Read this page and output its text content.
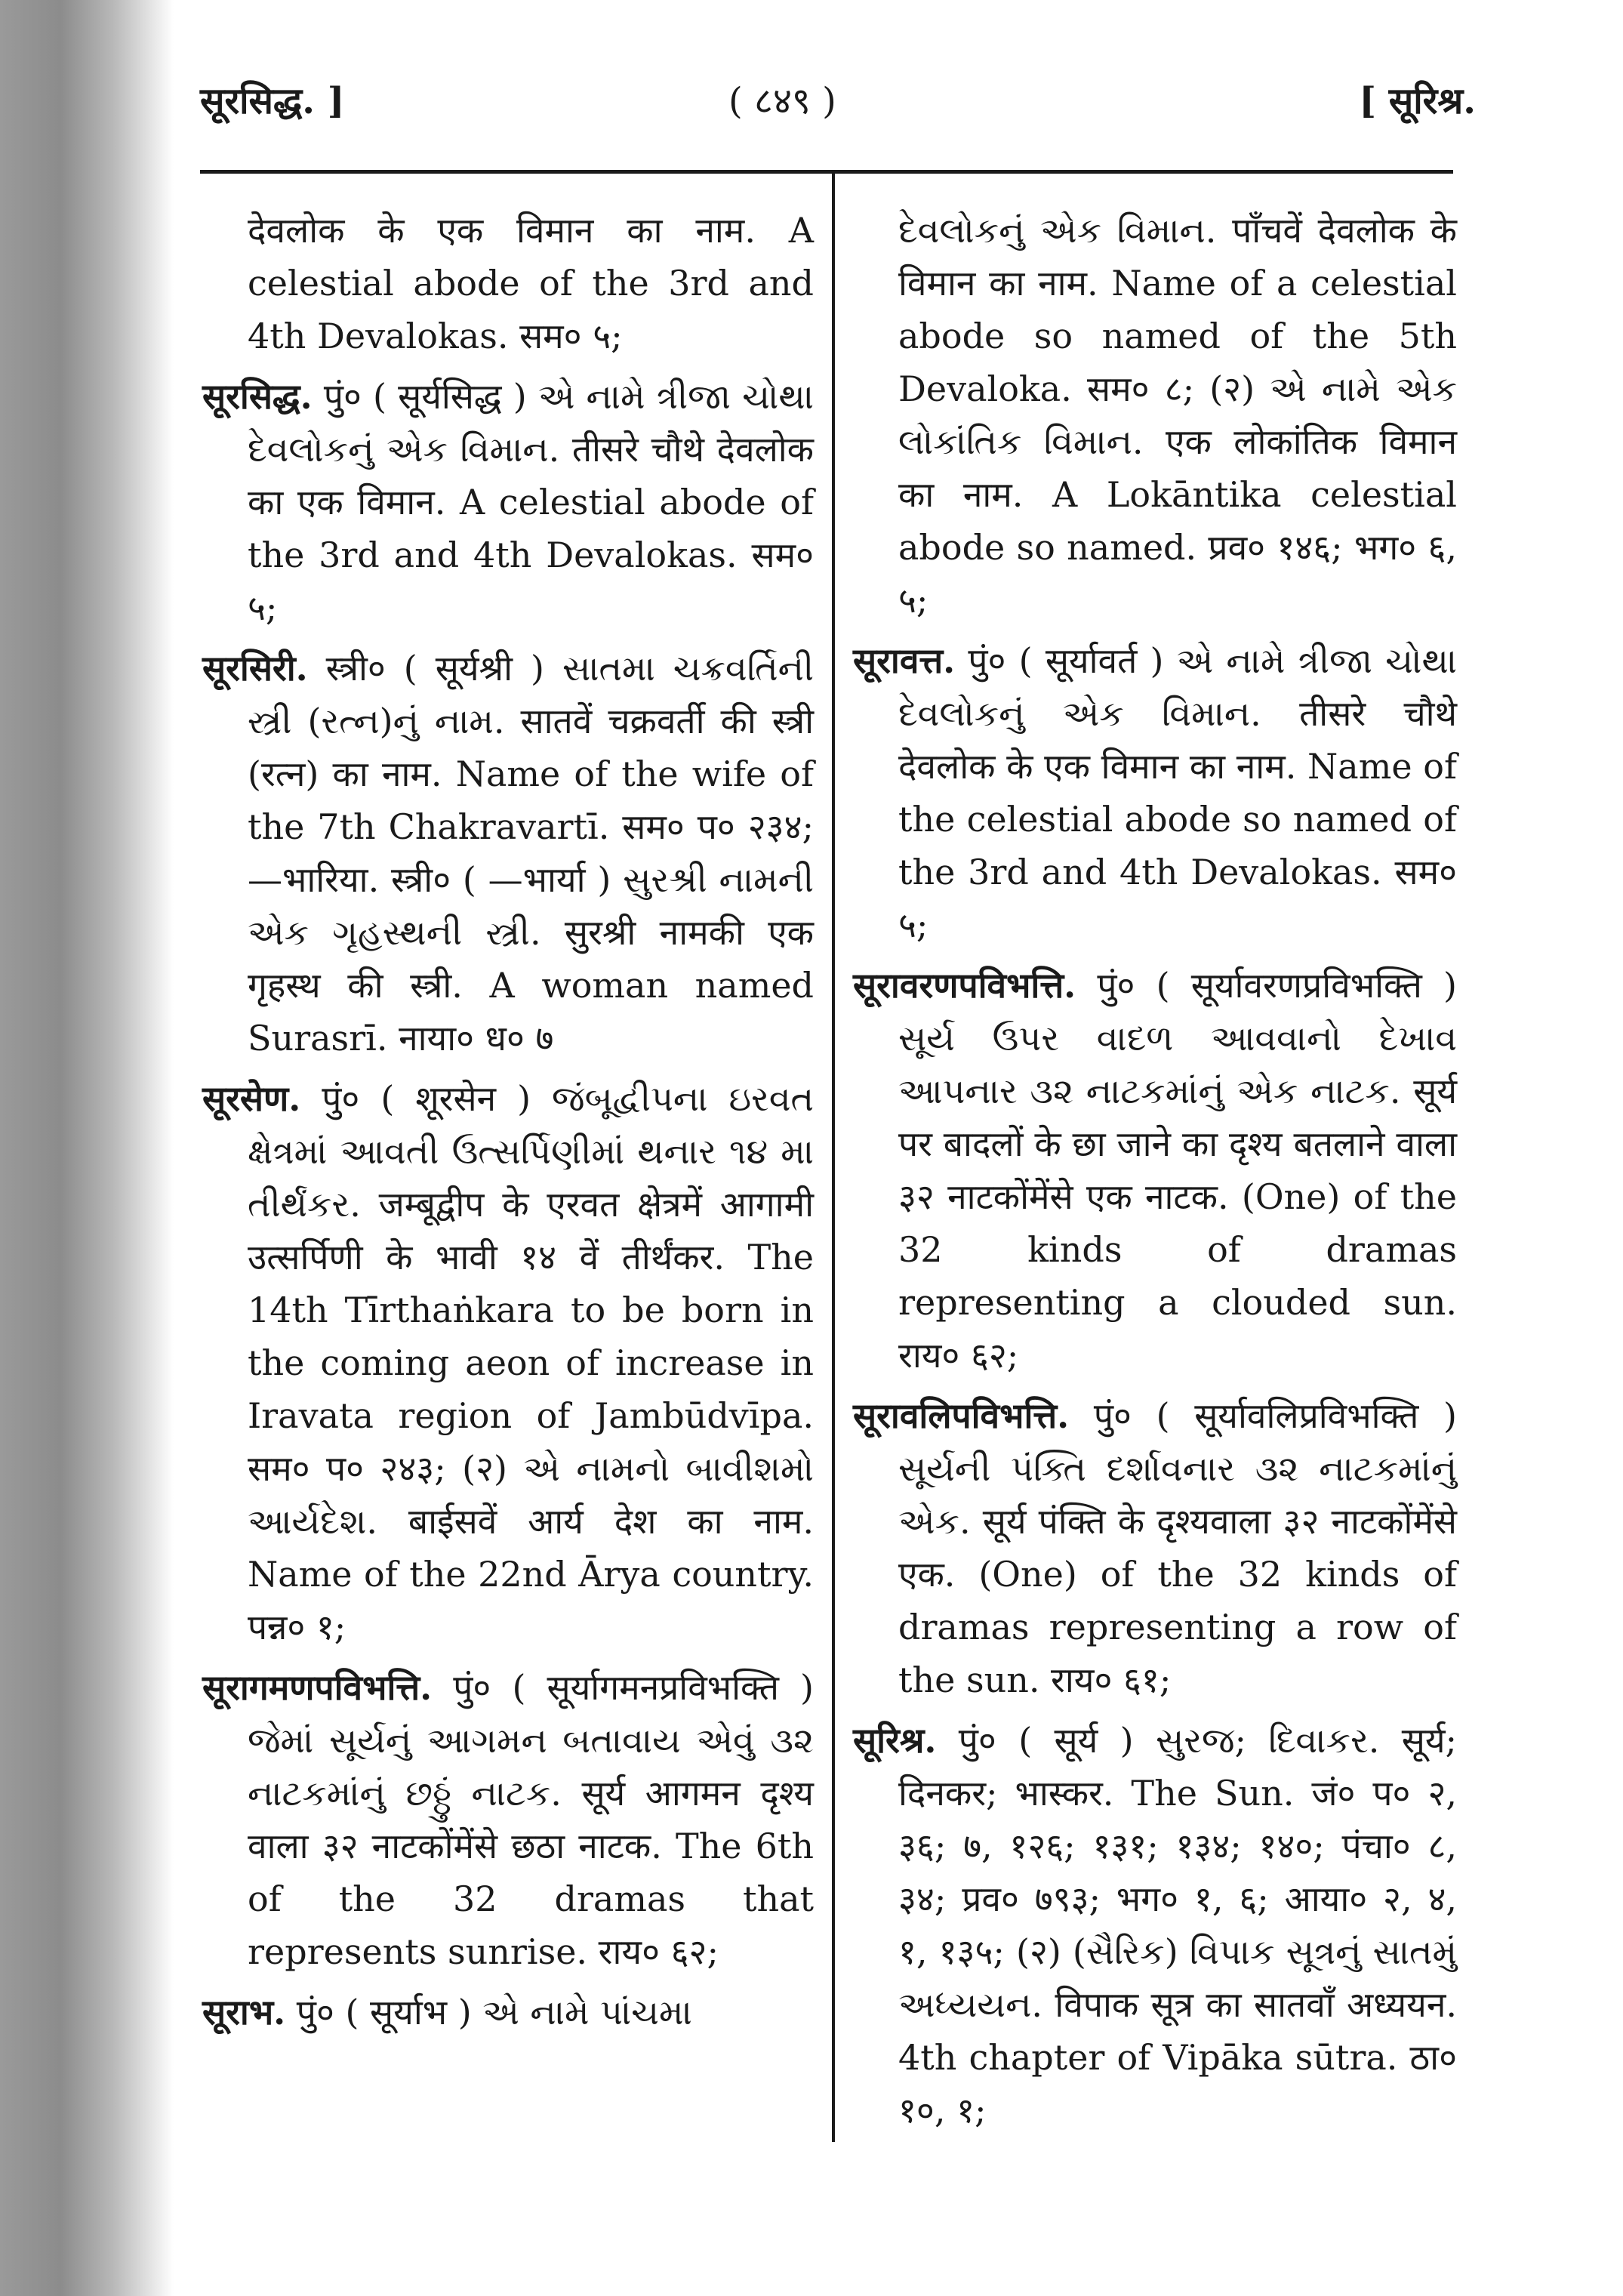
सूरसिद्ध. ]	( ८४९ )	[ सूरिश्र.

देवलोक के एक विमान का नाम. A celestial abode of the 3rd and 4th Devalokas. सम० ५;

सूरसिद्ध. पुं० ( सूर्यसिद्ध ) એ નામે ત્રીજા ચોથા દેવલોકનું એક વિમાન. तीसरे चौथे देवलोक का एक विमान. A celestial abode of the 3rd and 4th Devalokas. सम० ५;

सूरसिरी. स्त्री० ( सूर्यश्री ) સાતમા ચક્રવર્તિની સ્ત્રી (રત્ન)નું નામ. सातवें चक्रवर्ती की स्त्री (रत्न) का नाम. Name of the wife of the 7th Chakravartī. सम० प० २३४; —भारिया. स्त्री० ( —भार्या ) સુરશ્રી નામની એક ગૃહસ્થની સ્ત્રી. सुरश्री नामकी एक गृहस्थ की स्त्री. A woman named Surasrī. नाया० ध० ७

सूरसेण. पुं० ( शूरसेन ) જંબૂદ્વીપના ઇરવત ક્ષેત્રમાં આવતી ઉત્સર્પિણીમાં થનાર ૧૪ મા તીર્થંકર. जम्बूद्वीप के एरवत क्षेत्रमें आगामी उत्सर्पिणी के भावी १४ वें तीर्थंकर. The 14th Tīrthaṅkara to be born in the coming aeon of increase in Iravata region of Jambūdvīpa. सम० प० २४३; (२) એ નામનો બાવીશમો આર્યદેશ. बाईसवें आर्य देश का नाम. Name of the 22nd Ārya country. पन्न० १;

सूरागमणपविभत्ति. पुं० ( सूर्यागमनप्रविभक्ति ) જેમાં સૂર્યનું આગમન બતાવાય એવું ૩૨ નાટકમાંનું છઠ્ઠું નાટક. सूर्य आगमन दृश्य वाला ३२ नाटकोंमेंसे छठा नाटक. The 6th of the 32 dramas that represents sunrise. राय० ६२;

सूराभ. पुं० ( सूर्याभ ) એ નામે પાંચમા

દેવલોકનું એક વિમાન. पाँचवें देवलोक के विमान का नाम. Name of a celestial abode so named of the 5th Devaloka. सम० ८; (२) એ નામે એક લોકાંતિક વિમાન. एक लोकांतिक विमान का नाम. A Lokāntika celestial abode so named. प्रव० १४६; भग० ६, ५;

सूरावत्त. पुं० ( सूर्यावर्त ) એ નામે ત્રીજા ચોથા દેવલોકનું એક વિમાન. तीसरे चौथे देवलोक के एक विमान का नाम. Name of the celestial abode so named of the 3rd and 4th Devalokas. सम० ५;

सूरावरणपविभत्ति. पुं० ( सूर्यावरणप्रविभक्ति ) સૂર્ય ઉપર વાદળ આવવાનો દેખાવ આપનાર ૩૨ નાટકમાંનું એક નાટક. सूर्य पर बादलों के छा जाने का दृश्य बतलाने वाला ३२ नाटकोंमेंसे एक नाटक. (One) of the 32 kinds of dramas representing a clouded sun. राय० ६२;

सूरावलिपविभत्ति. पुं० ( सूर्यावलिप्रविभक्ति ) સૂર્યની પંક્તિ દર્શાવનાર ૩૨ નાટકમાંનું એક. सूर्य पंक्ति के दृश्यवाला ३२ नाटकोंमेंसे एक. (One) of the 32 kinds of dramas representing a row of the sun. राय० ६१;

सूरिश्र. पुं० ( सूर्य ) સુરજ; દિવાકર. सूर्य; दिनकर; भास्कर. The Sun. जं० प० २, ३६; ७, १२६; १३१; १३४; १४०; पंचा० ८, ३४; प्रव० ७९३; भग० १, ६; आया० २, ४, १, १३५; (२) (સૈરિક) વિપાક સૂત્રનું સાતમું અધ્યયન. विपाक सूत्र का सातवाँ अध्ययन. 4th chapter of Vipāka sūtra. ठा० १०, १;
